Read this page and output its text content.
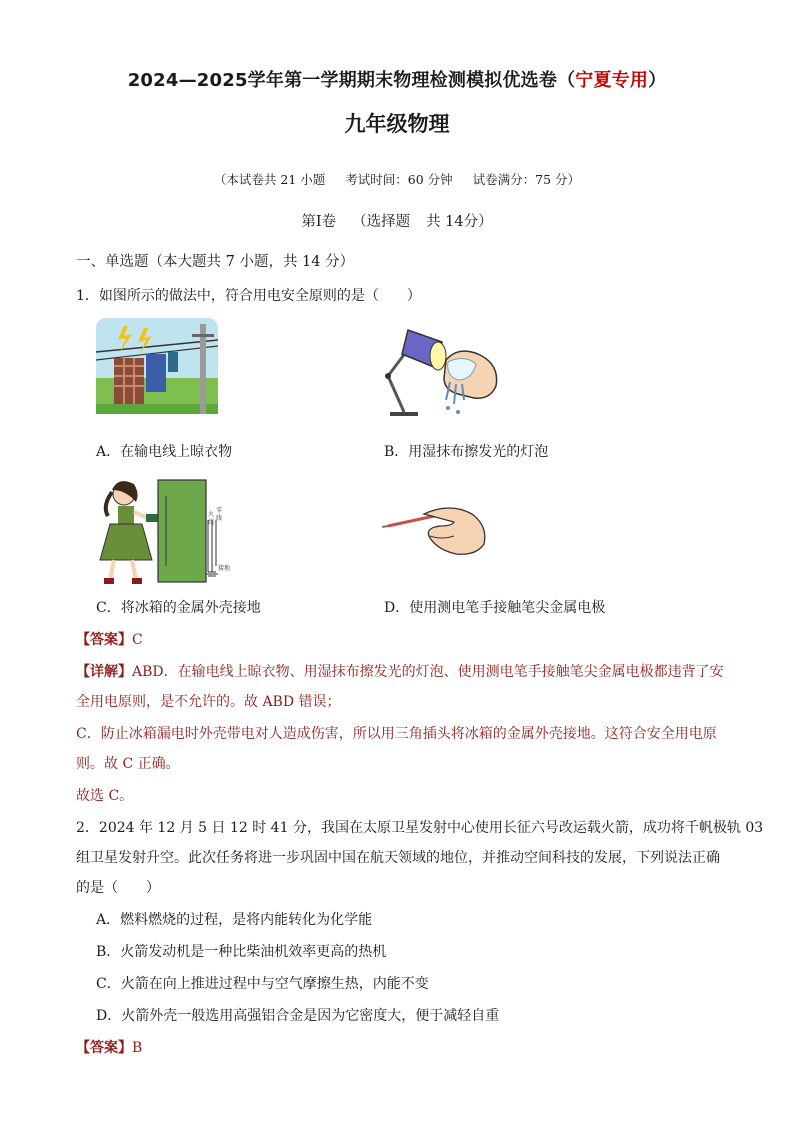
2024—2025学年第一学期期末物理检测模拟优选卷（宁夏专用）
九年级物理
（本试卷共 21 小题 考试时间：60 分钟 试卷满分：75 分）
第Ⅰ卷 （选择题 共 14分）
一、单选题（本大题共 7 小题，共 14 分）
1．如图所示的做法中，符合用电安全原则的是（　　）
A．在输电线上晾衣物	B．用湿抹布擦发光的灯泡
火
线
零
线
接地
C．将冰箱的金属外壳接地	D．使用测电笔手接触笔尖金属电极
【答案】C
【详解】ABD．在输电线上晾衣物、用湿抹布擦发光的灯泡、使用测电笔手接触笔尖金属电极都违背了安
全用电原则，是不允许的。故 ABD 错误；
C．防止冰箱漏电时外壳带电对人造成伤害，所以用三角插头将冰箱的金属外壳接地。这符合安全用电原
则。故 C 正确。
故选 C。
2．2024 年 12 月 5 日 12 时 41 分，我国在太原卫星发射中心使用长征六号改运载火箭，成功将千帆极轨 03
组卫星发射升空。此次任务将进一步巩固中国在航天领域的地位，并推动空间科技的发展，下列说法正确
的是（　　）
A．燃料燃烧的过程，是将内能转化为化学能
B．火箭发动机是一种比柴油机效率更高的热机
C．火箭在向上推进过程中与空气摩擦生热，内能不变
D．火箭外壳一般选用高强铝合金是因为它密度大，便于减轻自重
【答案】B
